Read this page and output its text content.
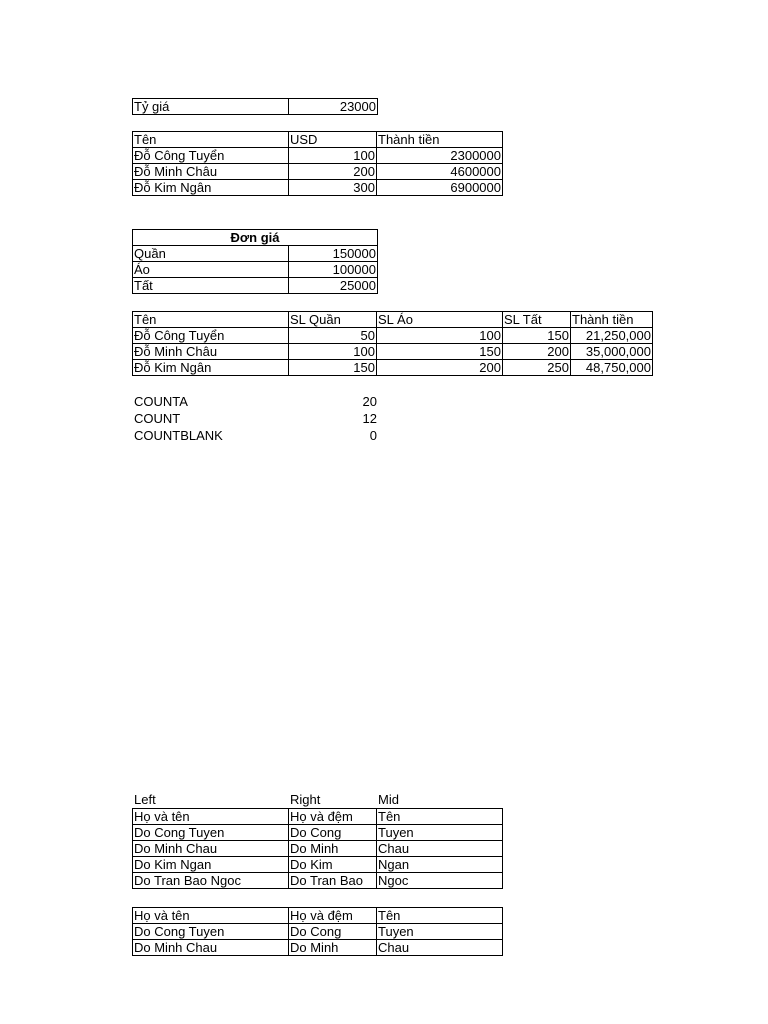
Tỷ giá	23000
Tên	USD	Thành tiền
Đỗ Công Tuyển	100	2300000
Đỗ Minh Châu	200	4600000
Đỗ Kim Ngân	300	6900000
Đơn giá	
Quần	150000
Áo	100000
Tất	25000
Tên	SL Quần	SL Áo	SL Tất	Thành tiền
Đỗ Công Tuyển	50	100	150	21,250,000
Đỗ Minh Châu	100	150	200	35,000,000
Đỗ Kim Ngân	150	200	250	48,750,000
COUNTA	20
COUNT	12
COUNTBLANK	0
Left	Right	Mid
Họ và tên	Họ và đệm	Tên
Do Cong Tuyen	Do Cong	Tuyen
Do Minh Chau	Do Minh	Chau
Do Kim Ngan	Do Kim	Ngan
Do Tran Bao Ngoc	Do Tran Bao	Ngoc
Họ và tên	Họ và đệm	Tên
Do Cong Tuyen	Do Cong	Tuyen
Do Minh Chau	Do Minh	Chau
